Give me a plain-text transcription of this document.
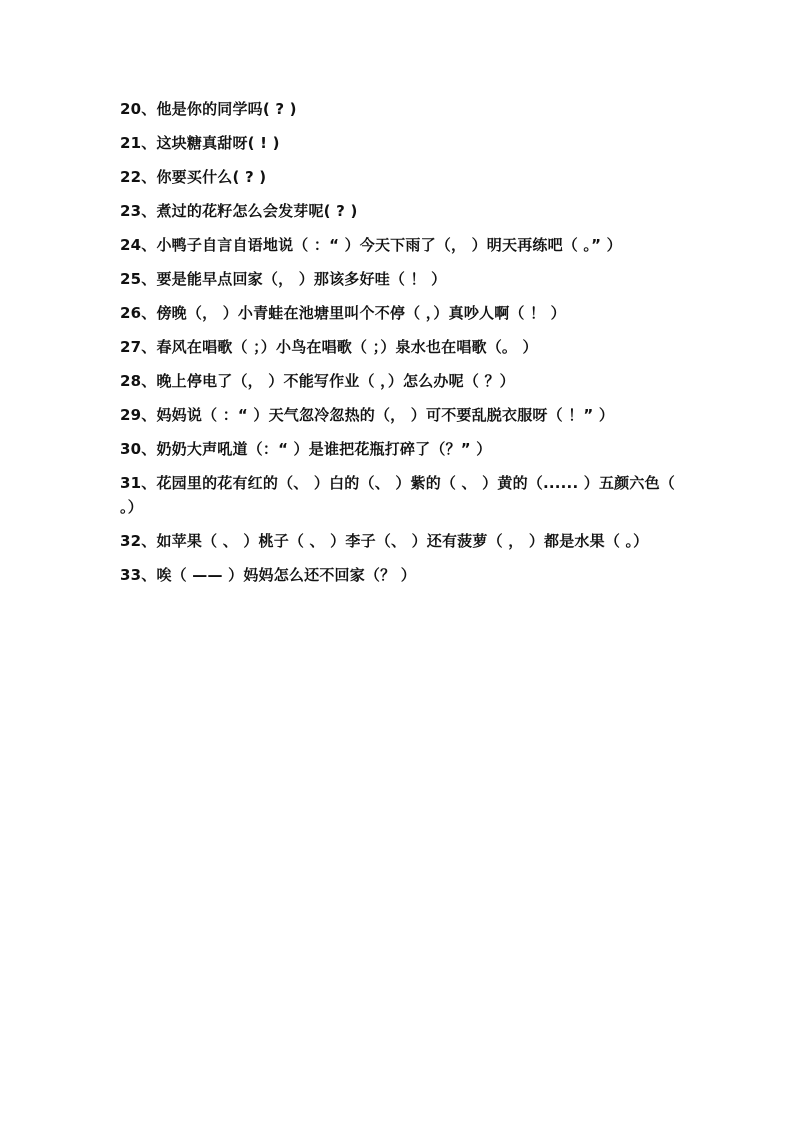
20、他是你的同学吗( ? )
21、这块糖真甜呀( ! )
22、你要买什么( ? )
23、煮过的花籽怎么会发芽呢( ? )
24、小鸭子自言自语地说（ ：“ ）今天下雨了（， ）明天再练吧（ 。” ）
25、要是能早点回家（， ）那该多好哇（ ！ ）
26、傍晚（， ）小青蛙在池塘里叫个不停（ ，）真吵人啊（ ！ ）
27、春风在唱歌（ ；）小鸟在唱歌（ ；）泉水也在唱歌（。 ）
28、晚上停电了（， ）不能写作业（ ，）怎么办呢（ ？）
29、妈妈说（ ：“ ）天气忽冷忽热的（， ）可不要乱脱衣服呀（ ！” ）
30、奶奶大声吼道（：“ ）是谁把花瓶打碎了（？” ）
31、花园里的花有红的（、 ）白的（、 ）紫的（ 、 ）黄的（...... ）五颜六色（ 。）
32、如苹果（ 、 ）桃子（ 、 ）李子（、 ）还有菠萝（ ， ）都是水果（ 。）
33、唉（ —— ）妈妈怎么还不回家（？ ）
